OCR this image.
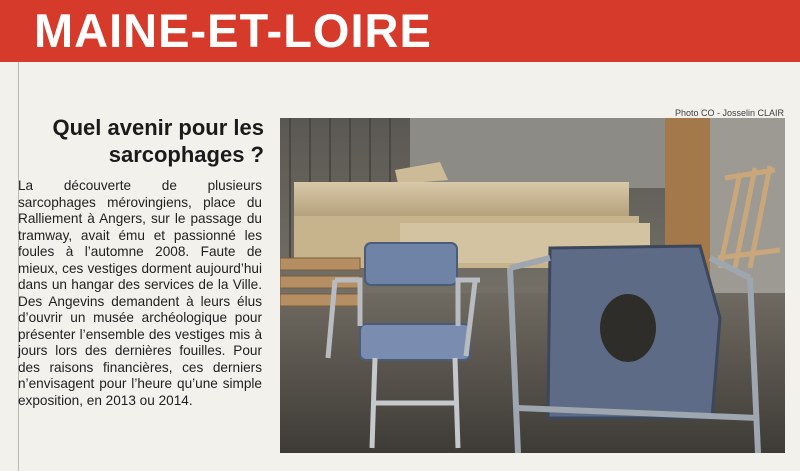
MAINE-ET-LOIRE
Photo CO - Josselin CLAIR
Quel avenir pour les sarcophages ?
La découverte de plusieurs sarcophages mérovingiens, place du Ralliement à Angers, sur le passage du tramway, avait ému et passionné les foules à l’automne 2008. Faute de mieux, ces vestiges dorment aujourd’hui dans un hangar des services de la Ville. Des Angevins demandent à leurs élus d’ouvrir un musée archéologique pour présenter l’ensemble des vestiges mis à jours lors des dernières fouilles. Pour des raisons financières, ces derniers n’envisagent pour l’heure qu’une simple exposition, en 2013 ou 2014.
